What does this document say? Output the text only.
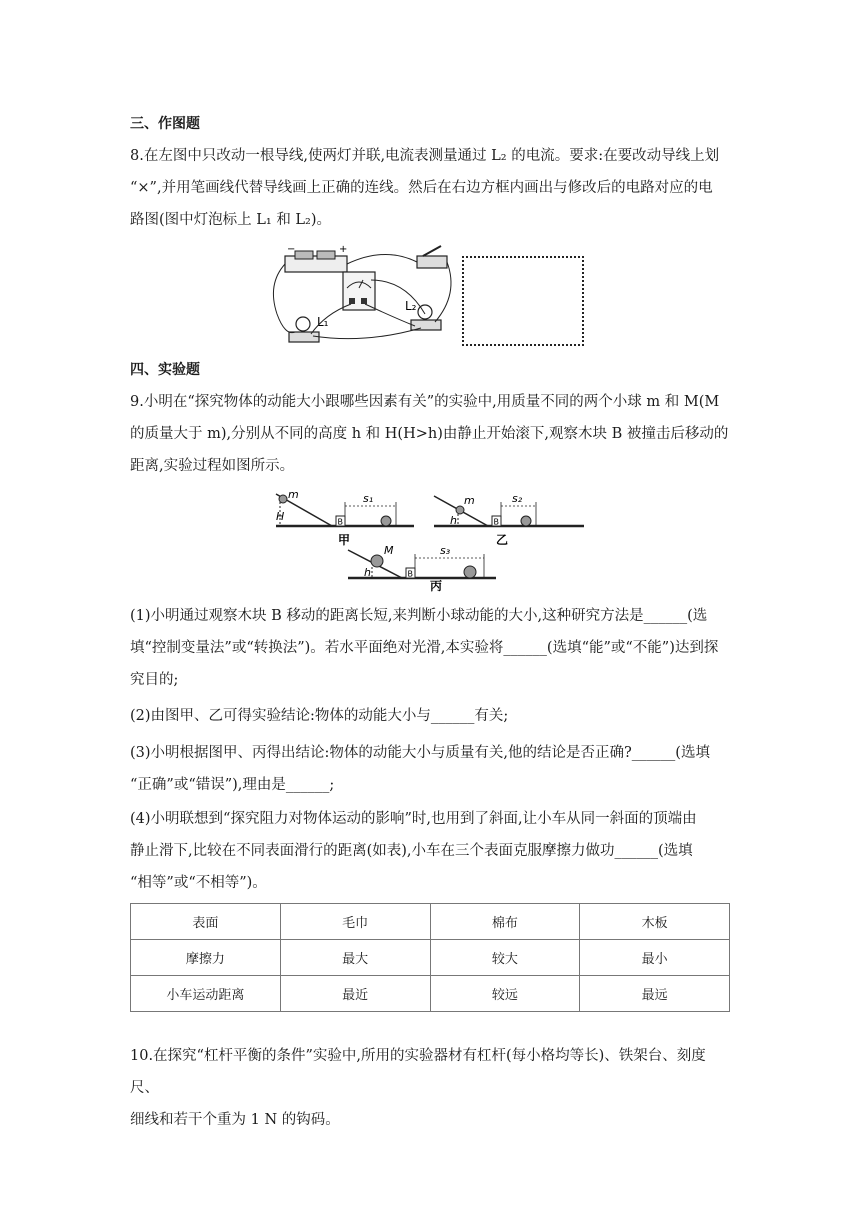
三、作图题

8.在左图中只改动一根导线,使两灯并联,电流表测量通过 L₂ 的电流。要求:在要改动导线上划
“×”,并用笔画线代替导线画上正确的连线。然后在右边方框内画出与修改后的电路对应的电
路图(图中灯泡标上 L₁ 和 L₂)。

−	+
L₁
L₂
四、实验题

9.小明在“探究物体的动能大小跟哪些因素有关”的实验中,用质量不同的两个小球 m 和 M(M
的质量大于 m),分别从不同的高度 h 和 H(H>h)由静止开始滚下,观察木块 B 被撞击后移动的
距离,实验过程如图所示。

m
H	B
s₁
甲
m
h	B
s₂
乙
M
h	B
s₃
丙

(1)小明通过观察木块 B 移动的距离长短,来判断小球动能的大小,这种研究方法是______(选
填“控制变量法”或“转换法”)。若水平面绝对光滑,本实验将______(选填“能”或“不能”)达到探
究目的;

(2)由图甲、乙可得实验结论:物体的动能大小与______有关;

(3)小明根据图甲、丙得出结论:物体的动能大小与质量有关,他的结论是否正确?______(选填
“正确”或“错误”),理由是______;

(4)小明联想到“探究阻力对物体运动的影响”时,也用到了斜面,让小车从同一斜面的顶端由
静止滑下,比较在不同表面滑行的距离(如表),小车在三个表面克服摩擦力做功______(选填
“相等”或“不相等”)。

表面	毛巾	棉布	木板
摩擦力	最大	较大	最小
小车运动距离	最近	较远	最远

10.在探究“杠杆平衡的条件”实验中,所用的实验器材有杠杆(每小格均等长)、铁架台、刻度尺、
细线和若干个重为 1 N 的钩码。
